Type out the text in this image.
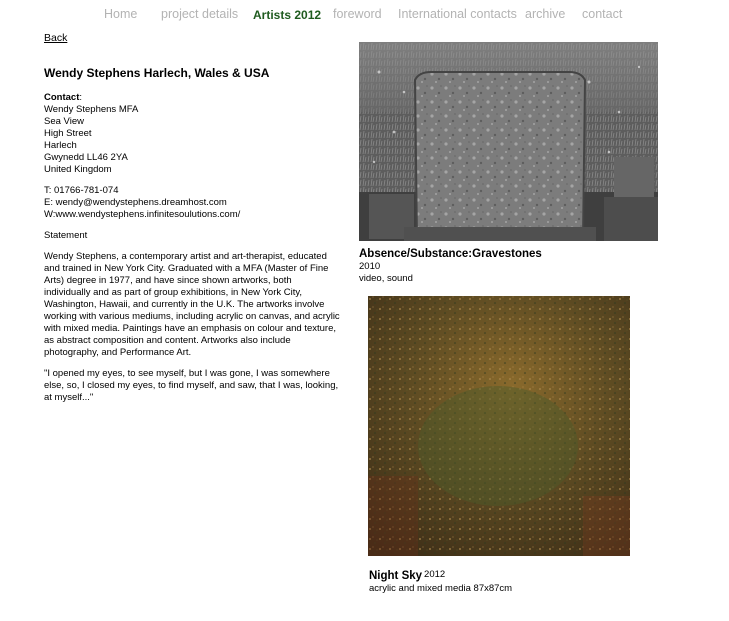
Home project details Artists 2012 foreword International contacts archive contact
Back
Wendy Stephens Harlech, Wales & USA

Contact:
Wendy Stephens MFA
Sea View
High Street
Harlech
Gwynedd LL46 2YA
United Kingdom

T: 01766-781-074
E: wendy@wendystephens.dreamhost.com
W:www.wendystephens.infinitesoulutions.com/

Statement

Wendy Stephens, a contemporary artist and art-therapist, educated and trained in New York City. Graduated with a MFA (Master of Fine Arts) degree in 1977, and have since shown artworks, both individually and as part of group exhibitions, in New York City, Washington, Hawaii, and currently in the U.K. The artworks involve working with various mediums, including acrylic on canvas, and acrylic with mixed media. Paintings have an emphasis on colour and texture, as abstract composition and content. Artworks also include photography, and Performance Art.

"I opened my eyes, to see myself, but I was gone, I was somewhere else, so, I closed my eyes, to find myself, and saw, that I was, looking, at myself..."

Absence/Substance:Gravestones
2010
video, sound
Night Sky 2012
acrylic and mixed media 87x87cm
